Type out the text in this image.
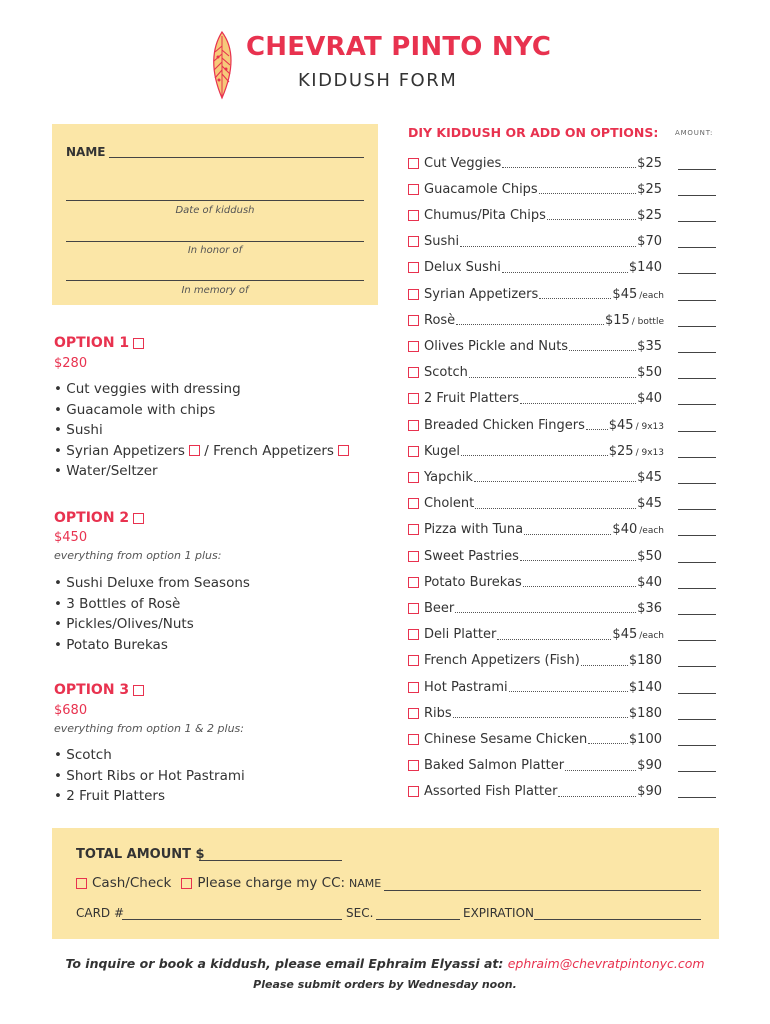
CHEVRAT PINTO NYC
KIDDUSH FORM
NAME
Date of kiddush
In honor of
In memory of
OPTION 1
$280
• Cut veggies with dressing
• Guacamole with chips
• Sushi
• Syrian Appetizers / French Appetizers
• Water/Seltzer
OPTION 2
$450
everything from option 1 plus:
• Sushi Deluxe from Seasons
• 3 Bottles of Rosè
• Pickles/Olives/Nuts
• Potato Burekas
OPTION 3
$680
everything from option 1 & 2 plus:
• Scotch
• Short Ribs or Hot Pastrami
• 2 Fruit Platters
DIY KIDDUSH OR ADD ON OPTIONS: AMOUNT:
Cut Veggies	$25
Guacamole Chips	$25
Chumus/Pita Chips	$25
Sushi	$70
Delux Sushi	$140
Syrian Appetizers	$45 /each
Rosè	$15 / bottle
Olives Pickle and Nuts	$35
Scotch	$50
2 Fruit Platters	$40
Breaded Chicken Fingers $45 / 9x13
Kugel	$25 / 9x13
Yapchik	$45
Cholent	$45
Pizza with Tuna	$40 /each
Sweet Pastries	$50
Potato Burekas	$40
Beer	$36
Deli Platter	$45 /each
French Appetizers (Fish)	$180
Hot Pastrami	$140
Ribs	$180
Chinese Sesame Chicken	$100
Baked Salmon Platter	$90
Assorted Fish Platter	$90
TOTAL AMOUNT $
Cash/Check Please charge my CC: NAME
CARD #	SEC.	EXPIRATION
To inquire or book a kiddush, please email Ephraim Elyassi at: ephraim@chevratpintonyc.com
Please submit orders by Wednesday noon.
